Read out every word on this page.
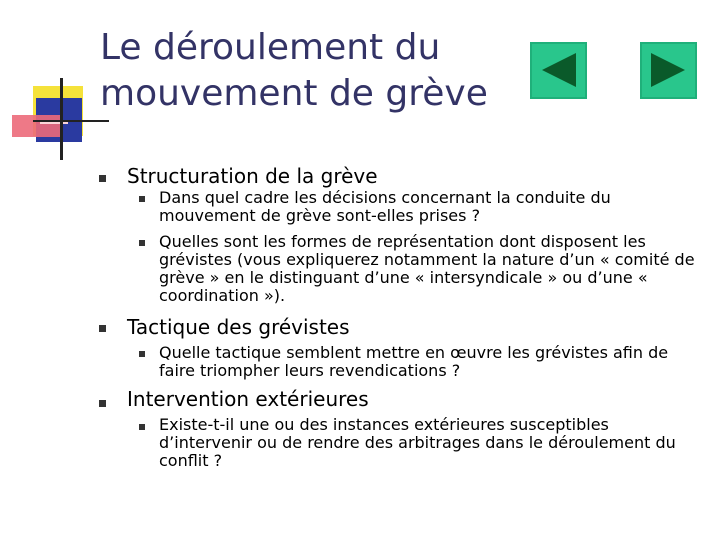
Le déroulement du
mouvement de grève
Structuration de la grève
Dans quel cadre les décisions concernant la conduite du mouvement de grève sont-elles prises ?
Quelles sont les formes de représentation dont disposent les grévistes (vous expliquerez notamment la nature d’un « comité de grève » en le distinguant d’une « intersyndicale » ou d’une « coordination »).
Tactique des grévistes
Quelle tactique semblent mettre en œuvre les grévistes afin de faire triompher leurs revendications ?
Intervention extérieures
Existe-t-il une ou des instances extérieures susceptibles d’intervenir ou de rendre des arbitrages dans le déroulement du conflit ?
